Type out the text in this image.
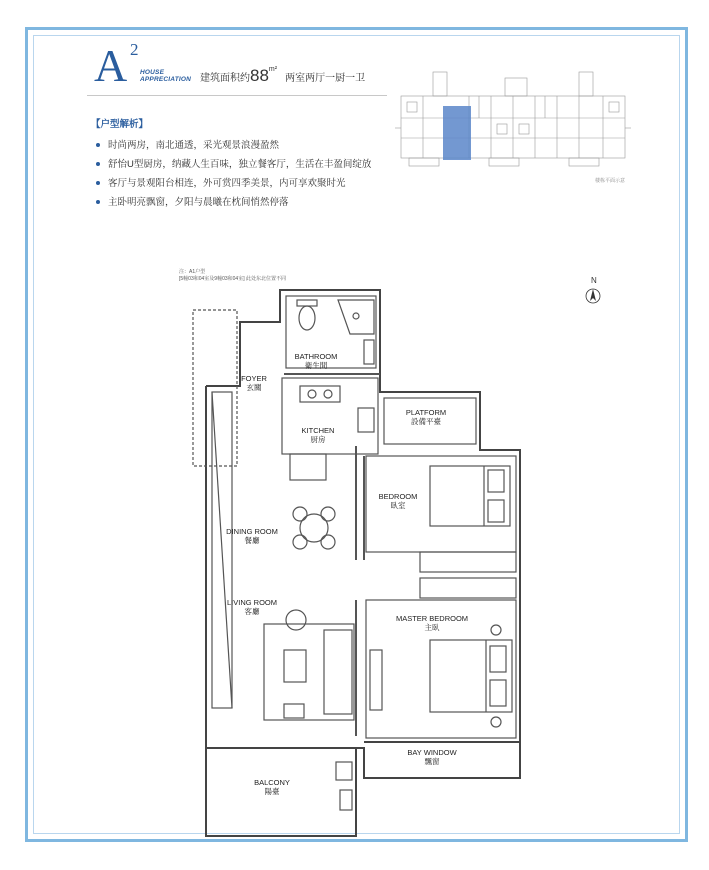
A 2
HOUSE
APPRECIATION 建筑面积约$88^{m^2}$两室两厅一厨一卫
【户型解析】
时尚两房，南北通透，采光观景浪漫盈然
舒怡U型厨房，纳藏人生百味，独立餐客厅，生活在丰盈间绽放
客厅与景观阳台相连，外可赏四季美景，内可享欢聚时光
主卧明亮飘窗，夕阳与晨曦在枕间悄然停落
楼栋平面示意
注：A1户型
[5幢03和04室及9幢03和04室] 此处东北位置不同	N
BATHROOM
衛生間
FOYER
玄關
KITCHEN
厨房
PLATFORM
設備平臺
BEDROOM
臥室
DINING ROOM
餐廳
LIVING ROOM
客廳
MASTER BEDROOM
主臥
BAY WINDOW
飄窗
BALCONY
陽臺
